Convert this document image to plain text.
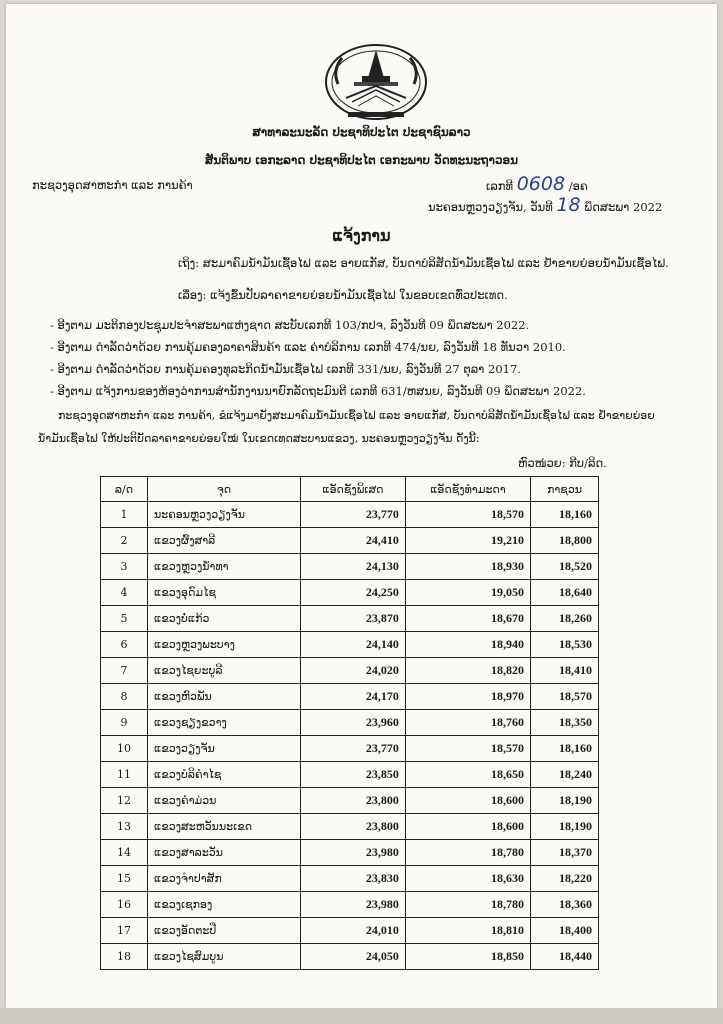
ສາທາລະນະລັດ ປະຊາທິປະໄຕ ປະຊາຊົນລາວ
ສັນຕິພາບ ເອກະລາດ ປະຊາທິປະໄຕ ເອກະພາບ ວັດທະນະຖາວອນ
ກະຊວງອຸດສາຫະກຳ ແລະ ການຄ້າ	ເລກທີ 0608 /ອຄ
ນະຄອນຫຼວງວຽງຈັນ, ວັນທີ 18 ພຶດສະພາ 2022
ແຈ້ງການ
ເຖິງ: ສະມາຄົມນ້ຳມັນເຊື້ອໄຟ ແລະ ອາຍແກັສ, ບັນດາບໍລິສັດນ້ຳມັນເຊື້ອໄຟ ແລະ ຢ້ຳຂາຍຍ່ອຍນ້ຳມັນເຊື້ອໄຟ.
ເລື່ອງ: ແຈ້ງຂຶ້ນປັບລາຄາຂາຍຍ່ອຍນ້ຳມັນເຊື້ອໄຟ ໃນຂອບເຂດທົ່ວປະເທດ.
- ອີງຕາມ ມະຕິກອງປະຊຸມປະຈຳສະພາແຫ່ງຊາດ ສະບັບເລກທີ 103/ກປຈ, ລົງວັນທີ 09 ພຶດສະພາ 2022.
- ອີງຕາມ ດຳລັດວ່າດ້ວຍ ການຄຸ້ມຄອງລາຄາສິນຄ້າ ແລະ ຄ່າບໍລິການ ເລກທີ 474/ນຍ, ລົງວັນທີ 18 ທັນວາ 2010.
- ອີງຕາມ ດຳລັດວ່າດ້ວຍ ການຄຸ້ມຄອງທຸລະກິດນ້ຳມັນເຊື້ອໄຟ ເລກທີ 331/ນຍ, ລົງວັນທີ 27 ຕຸລາ 2017.
- ອີງຕາມ ແຈ້ງການຂອງຫ້ອງວ່າການສຳນັກງານນາຍົກລັດຖະມົນຕີ ເລກທີ 631/ຫສນຍ, ລົງວັນທີ 09 ພຶດສະພາ 2022.
ກະຊວງອຸດສາຫະກຳ ແລະ ການຄ້າ, ຂໍແຈ້ງມາຍັງສະມາຄົມນ້ຳມັນເຊື້ອໄຟ ແລະ ອາຍແກັສ, ບັນດາບໍລິສັດນ້ຳມັນເຊື້ອໄຟ ແລະ ຢ້ຳຂາຍຍ່ອຍ
ນ້ຳມັນເຊື້ອໄຟ ໃຫ້ປະຕິບັດລາຄາຂາຍຍ່ອຍໃໝ່ ໃນເຂດເທດສະບານແຂວງ, ນະຄອນຫຼວງວຽງຈັນ ດັ່ງນີ້:
ຫົວໜ່ວຍ: ກີບ/ລິດ.
ລ/ດ	ຈຸດ	ແອັດຊັງພິເສດ	ແອັດຊັງທຳມະດາ	ກາຊວນ
1	ນະຄອນຫຼວງວຽງຈັນ	23,770	18,570	18,160
2	ແຂວງຜົ້ງສາລີ	24,410	19,210	18,800
3	ແຂວງຫຼວງນ້ຳທາ	24,130	18,930	18,520
4	ແຂວງອຸດົມໄຊ	24,250	19,050	18,640
5	ແຂວງບໍ່ແກ້ວ	23,870	18,670	18,260
6	ແຂວງຫຼວງພະບາງ	24,140	18,940	18,530
7	ແຂວງໄຊຍະບູລີ	24,020	18,820	18,410
8	ແຂວງຫົວພັນ	24,170	18,970	18,570
9	ແຂວງຊຽງຂວາງ	23,960	18,760	18,350
10	ແຂວງວຽງຈັນ	23,770	18,570	18,160
11	ແຂວງບໍລິຄຳໄຊ	23,850	18,650	18,240
12	ແຂວງຄຳມ່ວນ	23,800	18,600	18,190
13	ແຂວງສະຫວັນນະເຂດ	23,800	18,600	18,190
14	ແຂວງສາລະວັນ	23,980	18,780	18,370
15	ແຂວງຈຳປາສັກ	23,830	18,630	18,220
16	ແຂວງເຊກອງ	23,980	18,780	18,360
17	ແຂວງອັດຕະປື	24,010	18,810	18,400
18	ແຂວງໄຊສົມບູນ	24,050	18,850	18,440
